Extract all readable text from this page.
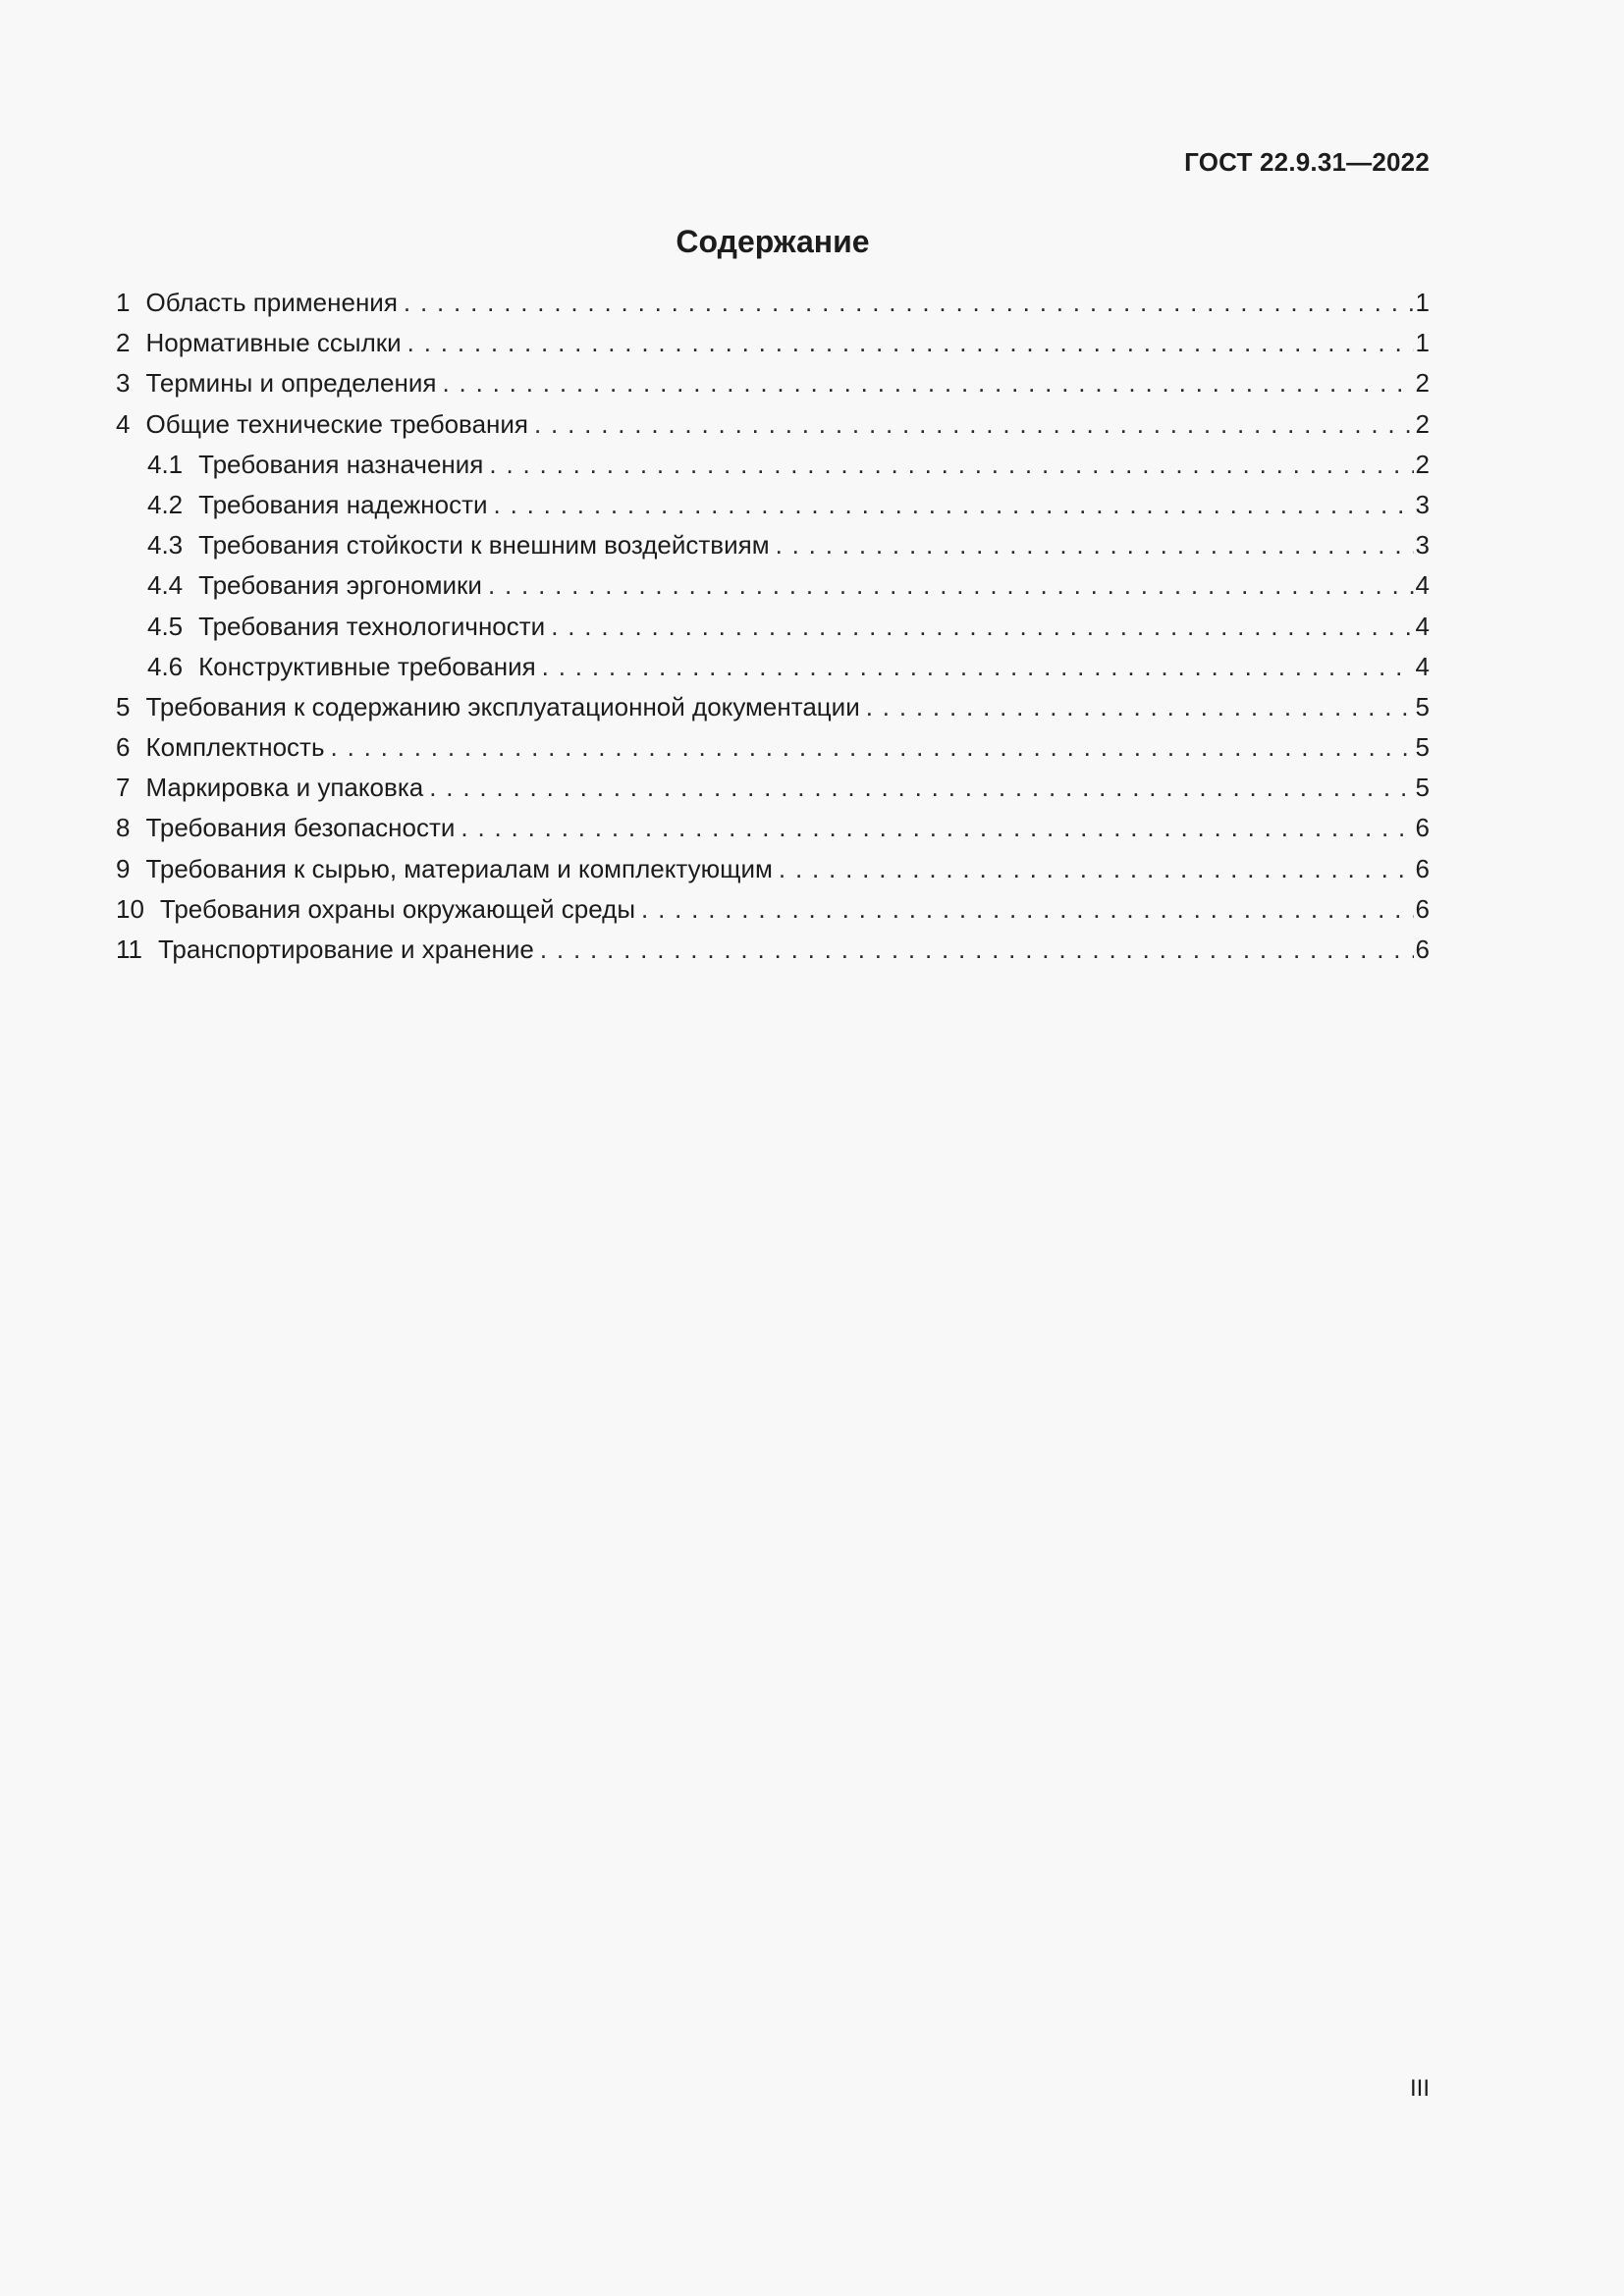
ГОСТ 22.9.31—2022
Содержание
1 Область применения . . .	1
2 Нормативные ссылки . . .	1
3 Термины и определения . . .	2
4 Общие технические требования . . .	2
4.1 Требования назначения . . .	2
4.2 Требования надежности . . .	3
4.3 Требования стойкости к внешним воздействиям . . .	3
4.4 Требования эргономики . . .	4
4.5 Требования технологичности . . .	4
4.6 Конструктивные требования . . .	4
5 Требования к содержанию эксплуатационной документации . . .	5
6 Комплектность . . .	5
7 Маркировка и упаковка . . .	5
8 Требования безопасности . . .	6
9 Требования к сырью, материалам и комплектующим . . .	6
10 Требования охраны окружающей среды . . .	6
11 Транспортирование и хранение . . .	6
III
